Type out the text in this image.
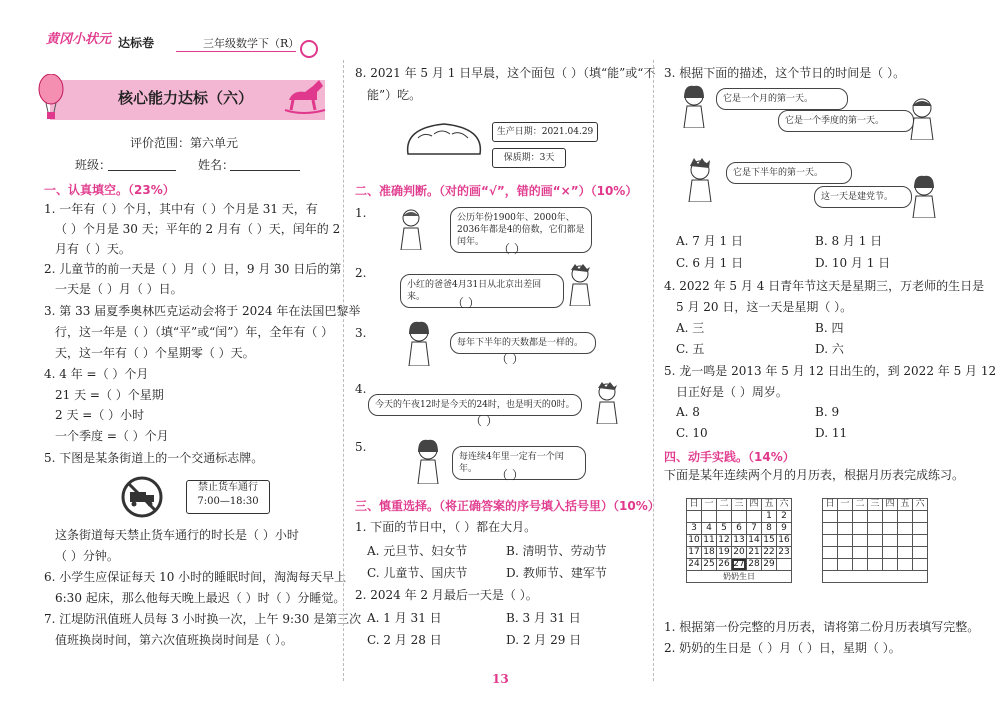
黄冈小状元 达标卷	三年级数学下（R）
核心能力达标（六）
评价范围：第六单元
班级：	姓名：
一、认真填空。（23%）
1. 一年有（ ）个月，其中有（ ）个月是 31 天，有
（ ）个月是 30 天；平年的 2 月有（ ）天，闰年的 2
月有（ ）天。
2. 儿童节的前一天是（ ）月（ ）日，9 月 30 日后的第
一天是（ ）月（ ）日。
3. 第 33 届夏季奥林匹克运动会将于 2024 年在法国巴黎举
行，这一年是（ ）（填“平”或“闰”）年，全年有（ ）
天，这一年有（ ）个星期零（ ）天。
4. 4 年 =（ ）个月
21 天 =（ ）个星期
2 天 =（ ）小时
一个季度 =（ ）个月
5. 下图是某条街道上的一个交通标志牌。
禁止货车通行
7:00—18:30
这条街道每天禁止货车通行的时长是（ ）小时
（ ）分钟。
6. 小学生应保证每天 10 小时的睡眠时间，淘淘每天早上
6:30 起床，那么他每天晚上最迟（ ）时（ ）分睡觉。
7. 江堤防汛值班人员每 3 小时换一次，上午 9:30 是第三次
值班换岗时间，第六次值班换岗时间是（ ）。
8. 2021 年 5 月 1 日早晨，这个面包（ ）（填“能”或“不
能”）吃。
生产日期：2021.04.29
保质期：3天
二、准确判断。（对的画“√”，错的画“×”）（10%）
1.	公历年份1900年、2000年、2036年都是4的倍数，它们都是闰年。	（ ）
2.
小红的爸爸4月31日从北京出差回来。	（ ）
3.
每年下半年的天数都是一样的。
（ ）
4.
今天的午夜12时是今天的24时，也是明天的0时。
（ ）
5.
每连续4年里一定有一个闰年。	（ ）
三、慎重选择。（将正确答案的序号填入括号里）（10%）
1. 下面的节日中，（ ）都在大月。
A. 元旦节、妇女节	B. 清明节、劳动节
C. 儿童节、国庆节	D. 教师节、建军节
2. 2024 年 2 月最后一天是（ ）。
A. 1 月 31 日	B. 3 月 31 日
C. 2 月 28 日	D. 2 月 29 日
3. 根据下面的描述，这个节日的时间是（ ）。
它是一个月的第一天。
它是一个季度的第一天。
它是下半年的第一天。
这一天是建党节。
A. 7 月 1 日	B. 8 月 1 日
C. 6 月 1 日	D. 10 月 1 日
4. 2022 年 5 月 4 日青年节这天是星期三，万老师的生日是
5 月 20 日，这一天是星期（ ）。
A. 三	B. 四
C. 五	D. 六
5. 龙一鸣是 2013 年 5 月 12 日出生的，到 2022 年 5 月 12
日正好是（ ）周岁。
A. 8	B. 9
C. 10	D. 11
四、动手实践。（14%）
下面是某年连续两个月的月历表，根据月历表完成练习。
日	一	二	三	四	五	六
					1	2
3	4	5	6	7	8	9
10	11	12	13	14	15	16
17	18	19	20	21	22	23
24	25	26	27	28	29	
奶奶生日						
日	一	二	三	四	五	六

1. 根据第一份完整的月历表，请将第二份月历表填写完整。
2. 奶奶的生日是（ ）月（ ）日，星期（ ）。
13
